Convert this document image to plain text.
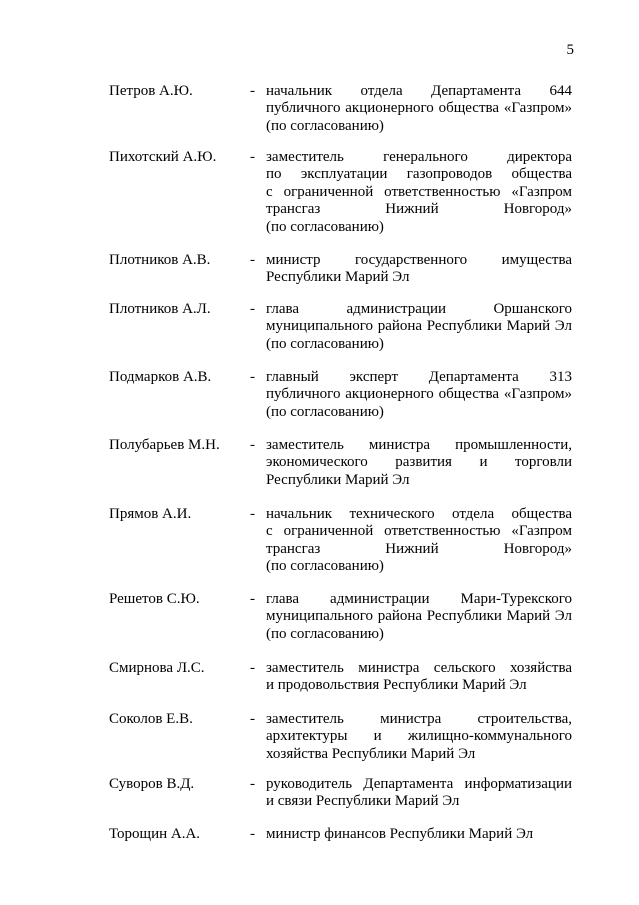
5
Петров А.Ю.	- начальник отдела Департамента 644
публичного акционерного общества «Газпром»
(по согласованию)
Пихотский А.Ю. - заместитель генерального директора
по эксплуатации газопроводов общества
с ограниченной ответственностью «Газпром
трансгаз Нижний Новгород»
(по согласованию)
Плотников А.В.	- министр государственного имущества
Республики Марий Эл
Плотников А.Л.	- глава администрации Оршанского
муниципального района Республики Марий Эл
(по согласованию)
Подмарков А.В.	- главный эксперт Департамента 313
публичного акционерного общества «Газпром»
(по согласованию)
Полубарьев М.Н. - заместитель министра промышленности,
экономического развития и торговли
Республики Марий Эл
Прямов А.И.	- начальник технического отдела общества
с ограниченной ответственностью «Газпром
трансгаз Нижний Новгород»
(по согласованию)
Решетов С.Ю.	- глава администрации Мари-Турекского
муниципального района Республики Марий Эл
(по согласованию)
Смирнова Л.С.	- заместитель министра сельского хозяйства
и продовольствия Республики Марий Эл
Соколов Е.В.	- заместитель министра строительства,
архитектуры и жилищно-коммунального
хозяйства Республики Марий Эл
Суворов В.Д.	- руководитель Департамента информатизации
и связи Республики Марий Эл
Торощин А.А.	- министр финансов Республики Марий Эл
